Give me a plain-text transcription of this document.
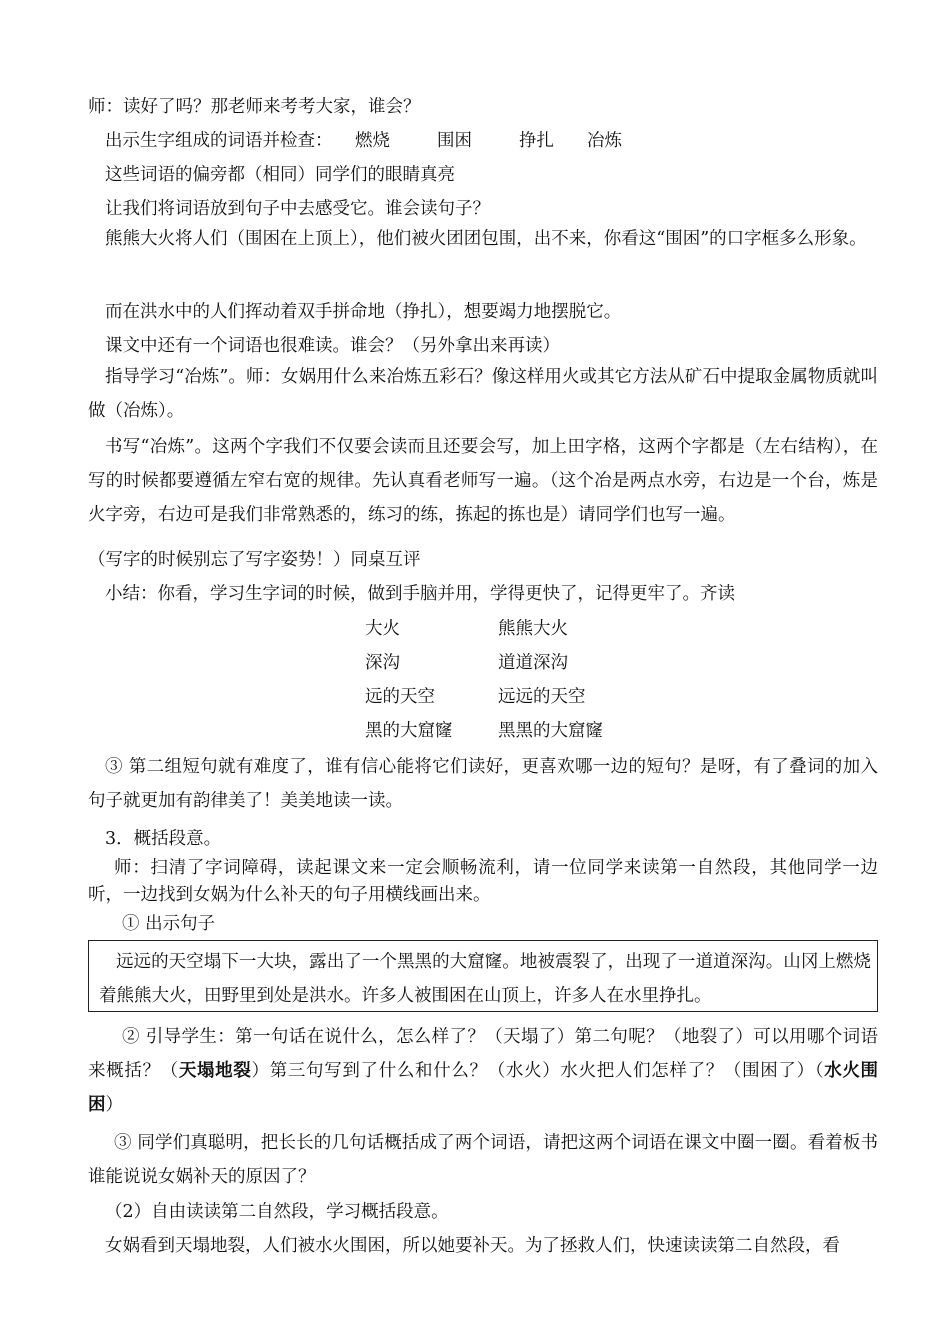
师：读好了吗？那老师来考考大家，谁会？
出示生字组成的词语并检查： 燃烧	围困	挣扎 冶炼
这些词语的偏旁都（相同）同学们的眼睛真亮
让我们将词语放到句子中去感受它。谁会读句子？
熊熊大火将人们（围困在上顶上），他们被火团团包围，出不来，你看这“围困”的口字框多么形象。
而在洪水中的人们挥动着双手拼命地（挣扎），想要竭力地摆脱它。
课文中还有一个词语也很难读。谁会？（另外拿出来再读）
指导学习“冶炼”。师：女娲用什么来冶炼五彩石？像这样用火或其它方法从矿石中提取金属物质就叫做（冶炼）。
书写“冶炼”。这两个字我们不仅要会读而且还要会写，加上田字格，这两个字都是（左右结构），在写的时候都要遵循左窄右宽的规律。先认真看老师写一遍。（这个冶是两点水旁，右边是一个台，炼是火字旁，右边可是我们非常熟悉的，练习的练，拣起的拣也是）请同学们也写一遍。
（写字的时候别忘了写字姿势！）同桌互评
小结：你看，学习生字词的时候，做到手脑并用，学得更快了，记得更牢了。齐读
大火	熊熊大火
深沟	道道深沟
远的天空	远远的天空
黑的大窟窿	黑黑的大窟窿
③ 第二组短句就有难度了，谁有信心能将它们读好，更喜欢哪一边的短句？是呀，有了叠词的加入句子就更加有韵律美了！美美地读一读。
3．概括段意。
师：扫清了字词障碍，读起课文来一定会顺畅流利，请一位同学来读第一自然段，其他同学一边听，一边找到女娲为什么补天的句子用横线画出来。
① 出示句子
远远的天空塌下一大块，露出了一个黑黑的大窟窿。地被震裂了，出现了一道道深沟。山冈上燃烧着熊熊大火，田野里到处是洪水。许多人被围困在山顶上，许多人在水里挣扎。
② 引导学生：第一句话在说什么，怎么样了？（天塌了）第二句呢？（地裂了）可以用哪个词语来概括？（天塌地裂）第三句写到了什么和什么？（水火）水火把人们怎样了？（围困了）（水火围困）
③ 同学们真聪明，把长长的几句话概括成了两个词语，请把这两个词语在课文中圈一圈。看着板书谁能说说女娲补天的原因了？
（2）自由读读第二自然段，学习概括段意。
女娲看到天塌地裂，人们被水火围困，所以她要补天。为了拯救人们，快速读读第二自然段，看
